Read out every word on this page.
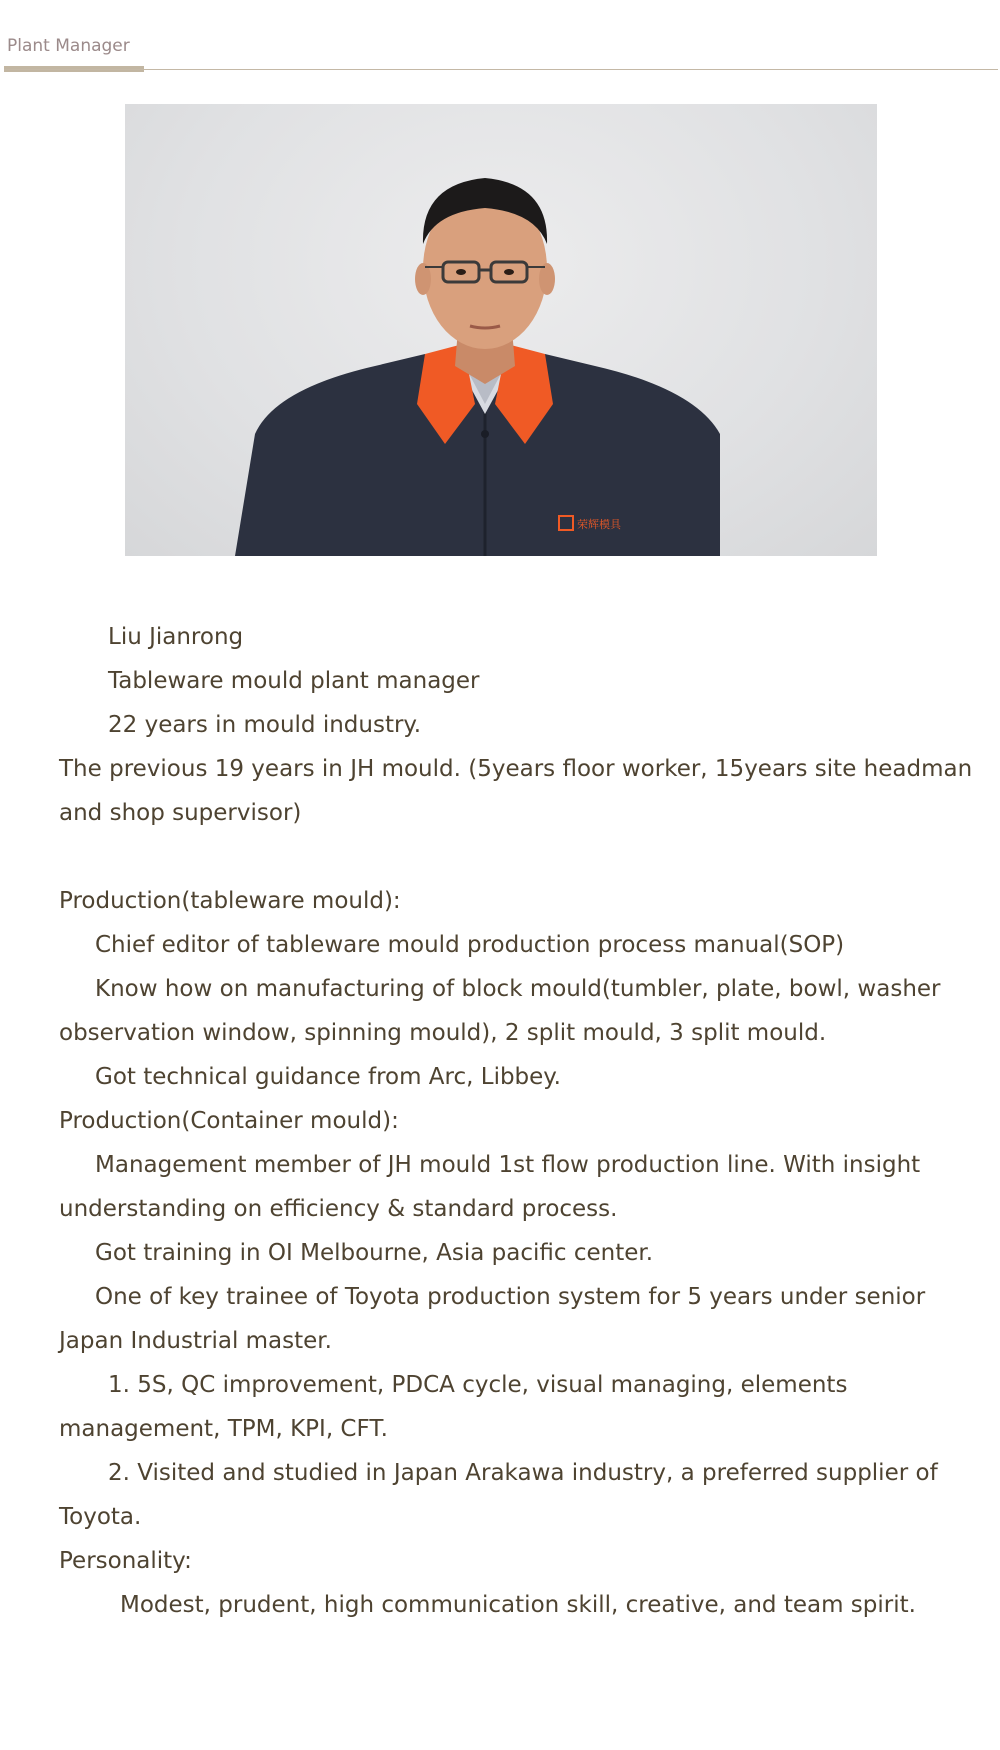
Plant Manager
荣辉模具
Liu Jianrong
Tableware mould plant manager
22 years in mould industry.
The previous 19 years in JH mould. (5years floor worker, 15years site headman
and shop supervisor)
Production(tableware mould):
Chief editor of tableware mould production process manual(SOP)
Know how on manufacturing of block mould(tumbler, plate, bowl, washer
observation window, spinning mould), 2 split mould, 3 split mould.
Got technical guidance from Arc, Libbey.
Production(Container mould):
Management member of JH mould 1st flow production line. With insight
understanding on efficiency & standard process.
Got training in OI Melbourne, Asia pacific center.
One of key trainee of Toyota production system for 5 years under senior
Japan Industrial master.
1. 5S, QC improvement, PDCA cycle, visual managing, elements
management, TPM, KPI, CFT.
2. Visited and studied in Japan Arakawa industry, a preferred supplier of
Toyota.
Personality:
Modest, prudent, high communication skill, creative, and team spirit.
